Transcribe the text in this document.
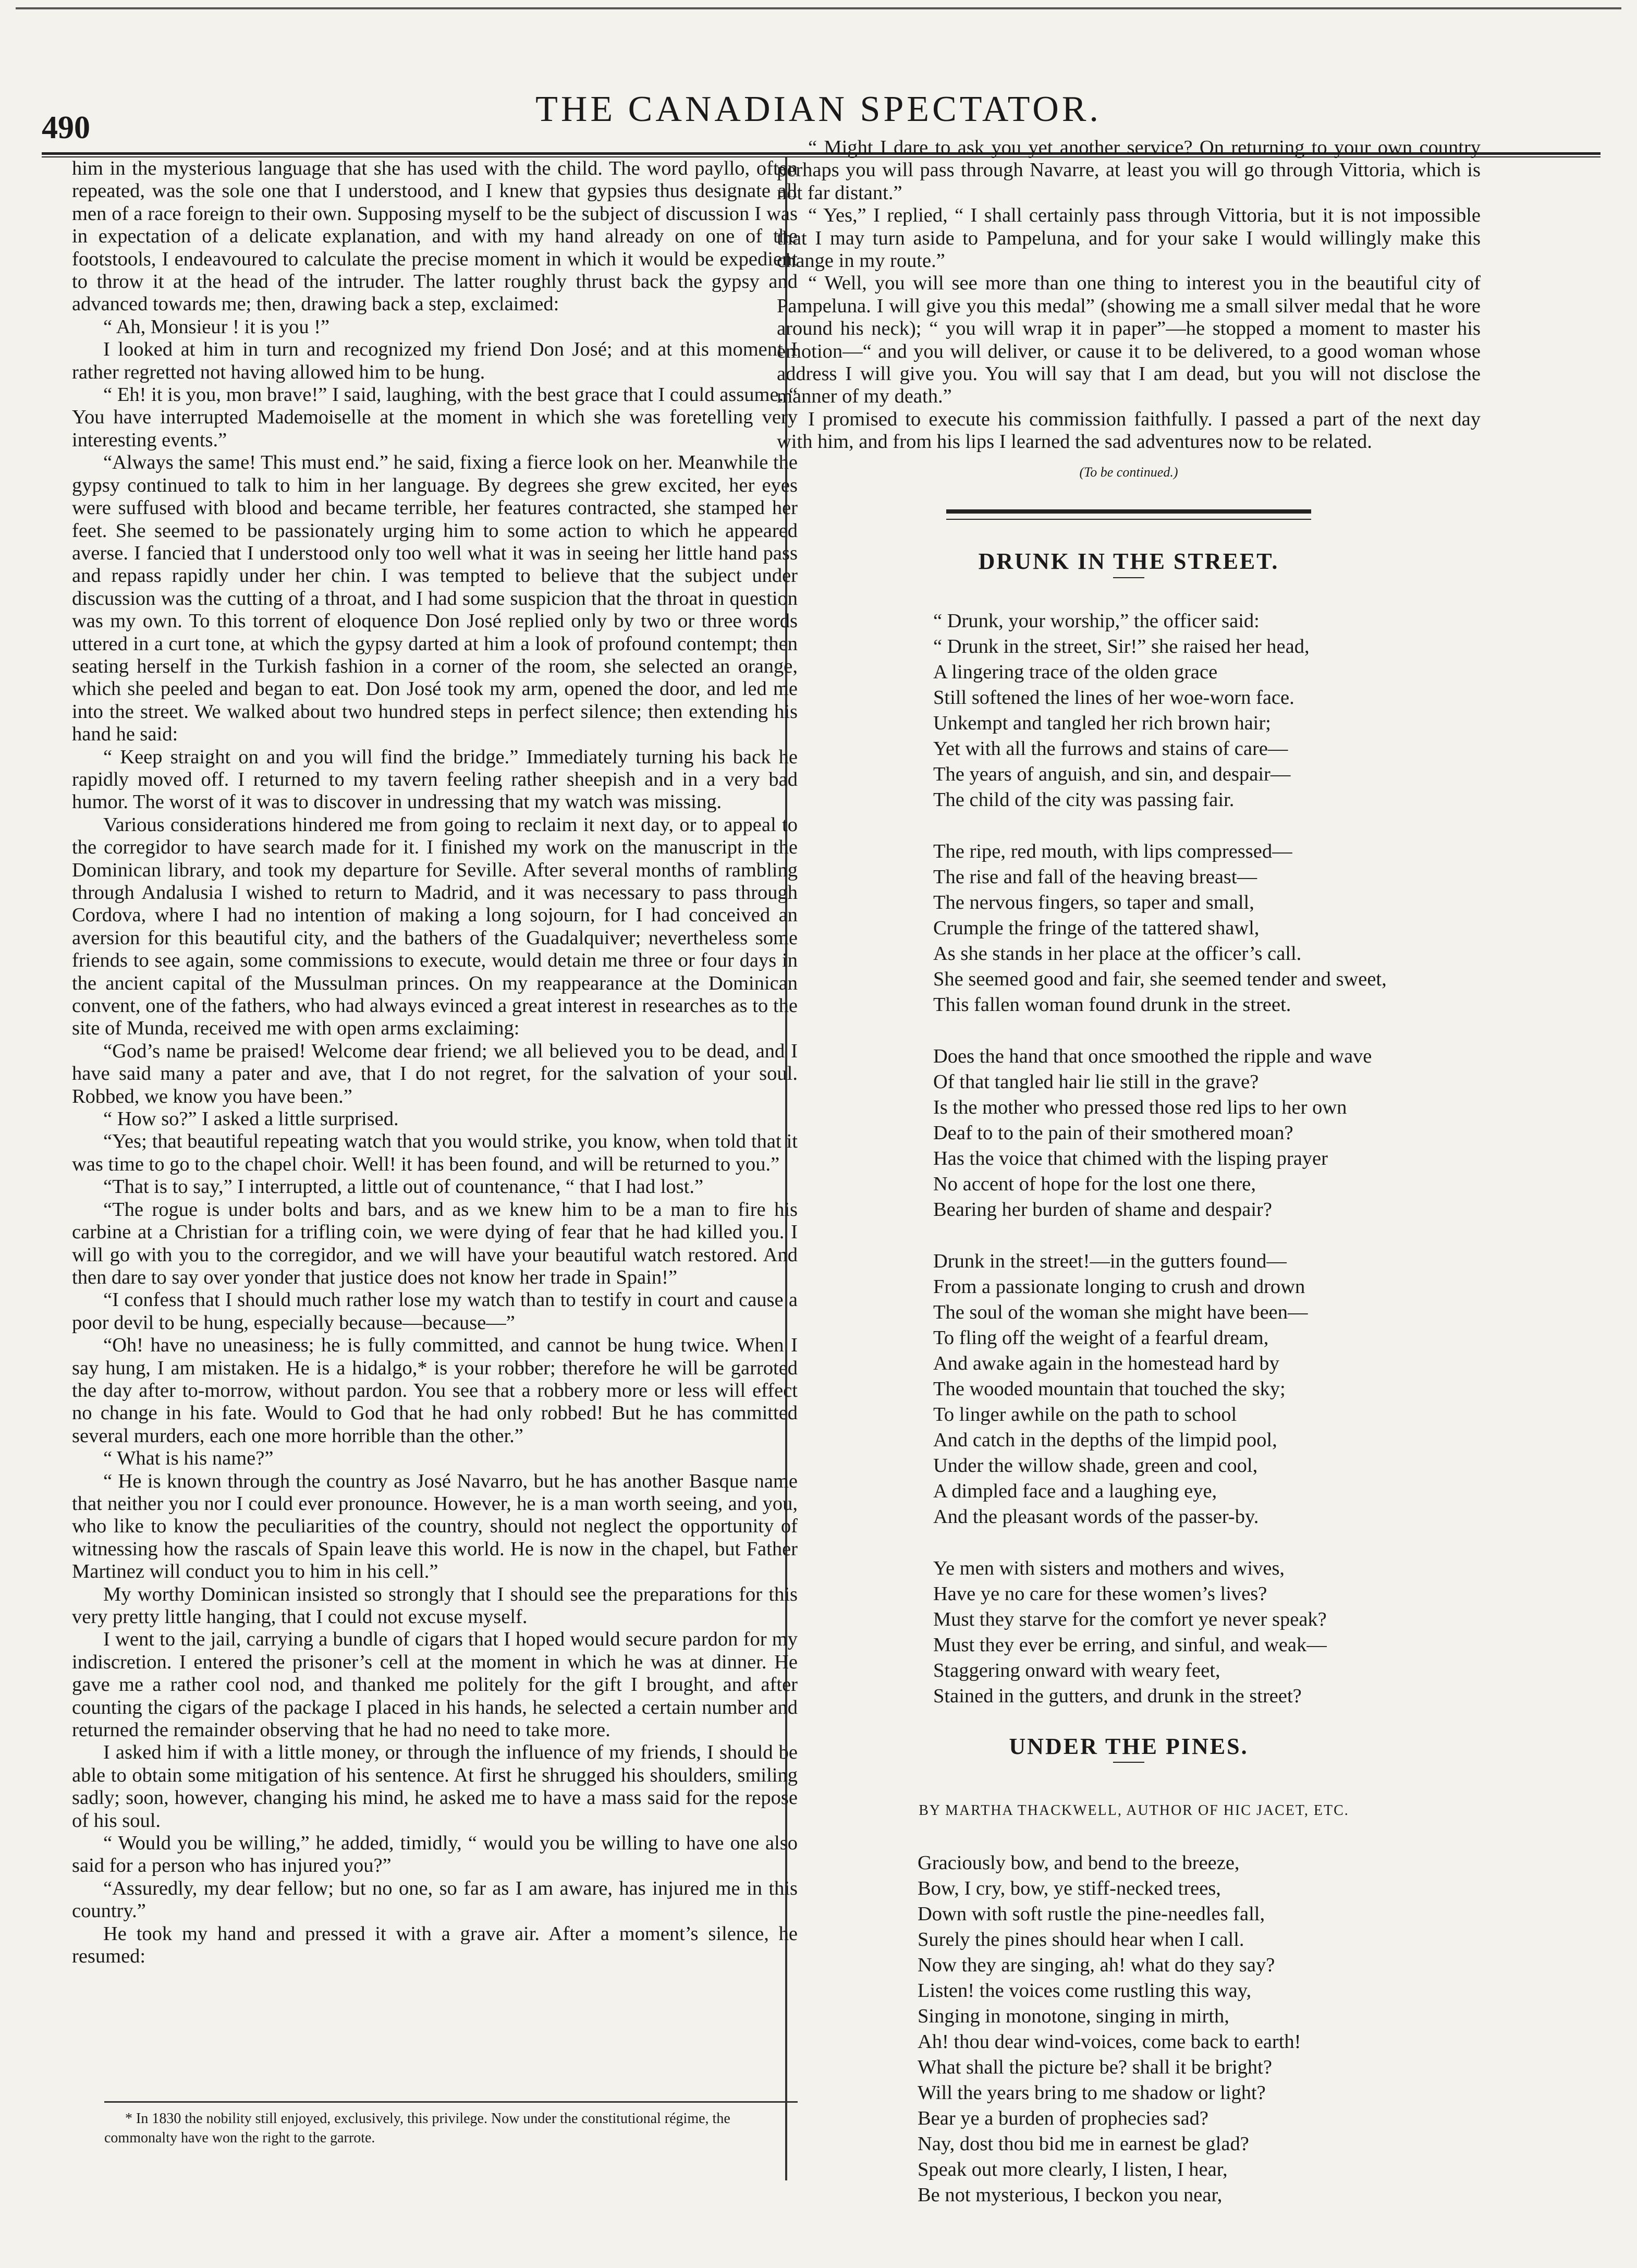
490	THE CANADIAN SPECTATOR.

him in the mysterious language that she has used with the child. The word payllo, often repeated, was the sole one that I understood, and I knew that gypsies thus designate all men of a race foreign to their own. Supposing myself to be the subject of discussion I was in expectation of a delicate explanation, and with my hand already on one of the footstools, I endeavoured to calculate the precise moment in which it would be expedient to throw it at the head of the intruder. The latter roughly thrust back the gypsy and advanced towards me; then, drawing back a step, exclaimed:

“ Ah, Monsieur ! it is you !”

I looked at him in turn and recognized my friend Don José; and at this moment I rather regretted not having allowed him to be hung.

“ Eh! it is you, mon brave!” I said, laughing, with the best grace that I could assume. “ You have interrupted Mademoiselle at the moment in which she was foretelling very interesting events.”

“Always the same! This must end.” he said, fixing a fierce look on her. Meanwhile the gypsy continued to talk to him in her language. By degrees she grew excited, her eyes were suffused with blood and became terrible, her features contracted, she stamped her feet. She seemed to be passionately urging him to some action to which he appeared averse. I fancied that I understood only too well what it was in seeing her little hand pass and repass rapidly under her chin. I was tempted to believe that the subject under discussion was the cutting of a throat, and I had some suspicion that the throat in question was my own. To this torrent of eloquence Don José replied only by two or three words uttered in a curt tone, at which the gypsy darted at him a look of profound contempt; then seating herself in the Turkish fashion in a corner of the room, she selected an orange, which she peeled and began to eat. Don José took my arm, opened the door, and led me into the street. We walked about two hundred steps in perfect silence; then extending his hand he said:

“ Keep straight on and you will find the bridge.” Immediately turning his back he rapidly moved off. I returned to my tavern feeling rather sheepish and in a very bad humor. The worst of it was to discover in undressing that my watch was missing.

Various considerations hindered me from going to reclaim it next day, or to appeal to the corregidor to have search made for it. I finished my work on the manuscript in the Dominican library, and took my departure for Seville. After several months of rambling through Andalusia I wished to return to Madrid, and it was necessary to pass through Cordova, where I had no intention of making a long sojourn, for I had conceived an aversion for this beautiful city, and the bathers of the Guadalquiver; nevertheless some friends to see again, some commissions to execute, would detain me three or four days in the ancient capital of the Mussulman princes. On my reappearance at the Dominican convent, one of the fathers, who had always evinced a great interest in researches as to the site of Munda, received me with open arms exclaiming:

“God’s name be praised! Welcome dear friend; we all believed you to be dead, and I have said many a pater and ave, that I do not regret, for the salvation of your soul. Robbed, we know you have been.”

“ How so?” I asked a little surprised.

“Yes; that beautiful repeating watch that you would strike, you know, when told that it was time to go to the chapel choir. Well! it has been found, and will be returned to you.”

“That is to say,” I interrupted, a little out of countenance, “ that I had lost.”

“The rogue is under bolts and bars, and as we knew him to be a man to fire his carbine at a Christian for a trifling coin, we were dying of fear that he had killed you. I will go with you to the corregidor, and we will have your beautiful watch restored. And then dare to say over yonder that justice does not know her trade in Spain!”

“I confess that I should much rather lose my watch than to testify in court and cause a poor devil to be hung, especially because—because—”

“Oh! have no uneasiness; he is fully committed, and cannot be hung twice. When I say hung, I am mistaken. He is a hidalgo,* is your robber; therefore he will be garroted the day after to-morrow, without pardon. You see that a robbery more or less will effect no change in his fate. Would to God that he had only robbed! But he has committed several murders, each one more horrible than the other.”

“ What is his name?”

“ He is known through the country as José Navarro, but he has another Basque name that neither you nor I could ever pronounce. However, he is a man worth seeing, and you, who like to know the peculiarities of the country, should not neglect the opportunity of witnessing how the rascals of Spain leave this world. He is now in the chapel, but Father Martinez will conduct you to him in his cell.”

My worthy Dominican insisted so strongly that I should see the preparations for this very pretty little hanging, that I could not excuse myself.

I went to the jail, carrying a bundle of cigars that I hoped would secure pardon for my indiscretion. I entered the prisoner’s cell at the moment in which he was at dinner. He gave me a rather cool nod, and thanked me politely for the gift I brought, and after counting the cigars of the package I placed in his hands, he selected a certain number and returned the remainder observing that he had no need to take more.

I asked him if with a little money, or through the influence of my friends, I should be able to obtain some mitigation of his sentence. At first he shrugged his shoulders, smiling sadly; soon, however, changing his mind, he asked me to have a mass said for the repose of his soul.

“ Would you be willing,” he added, timidly, “ would you be willing to have one also said for a person who has injured you?”

“Assuredly, my dear fellow; but no one, so far as I am aware, has injured me in this country.”

He took my hand and pressed it with a grave air. After a moment’s silence, he resumed:

* In 1830 the nobility still enjoyed, exclusively, this privilege. Now under the constitutional régime, the commonalty have won the right to the garrote.

“ Might I dare to ask you yet another service? On returning to your own country perhaps you will pass through Navarre, at least you will go through Vittoria, which is not far distant.”

“ Yes,” I replied, “ I shall certainly pass through Vittoria, but it is not impossible that I may turn aside to Pampeluna, and for your sake I would willingly make this change in my route.”

“ Well, you will see more than one thing to interest you in the beautiful city of Pampeluna. I will give you this medal” (showing me a small silver medal that he wore around his neck); “ you will wrap it in paper”—he stopped a moment to master his emotion—“ and you will deliver, or cause it to be delivered, to a good woman whose address I will give you. You will say that I am dead, but you will not disclose the manner of my death.”

I promised to execute his commission faithfully. I passed a part of the next day with him, and from his lips I learned the sad adventures now to be related.

(To be continued.)
DRUNK IN THE STREET.
“ Drunk, your worship,” the officer said:
“ Drunk in the street, Sir!” she raised her head,
A lingering trace of the olden grace
Still softened the lines of her woe-worn face.
Unkempt and tangled her rich brown hair;
Yet with all the furrows and stains of care—
The years of anguish, and sin, and despair—
The child of the city was passing fair.
The ripe, red mouth, with lips compressed—
The rise and fall of the heaving breast—
The nervous fingers, so taper and small,
Crumple the fringe of the tattered shawl,
As she stands in her place at the officer’s call.
She seemed good and fair, she seemed tender and sweet,
This fallen woman found drunk in the street.
Does the hand that once smoothed the ripple and wave
Of that tangled hair lie still in the grave?
Is the mother who pressed those red lips to her own
Deaf to to the pain of their smothered moan?
Has the voice that chimed with the lisping prayer
No accent of hope for the lost one there,
Bearing her burden of shame and despair?
Drunk in the street!—in the gutters found—
From a passionate longing to crush and drown
The soul of the woman she might have been—
To fling off the weight of a fearful dream,
And awake again in the homestead hard by
The wooded mountain that touched the sky;
To linger awhile on the path to school
And catch in the depths of the limpid pool,
Under the willow shade, green and cool,
A dimpled face and a laughing eye,
And the pleasant words of the passer-by.
Ye men with sisters and mothers and wives,
Have ye no care for these women’s lives?
Must they starve for the comfort ye never speak?
Must they ever be erring, and sinful, and weak—
Staggering onward with weary feet,
Stained in the gutters, and drunk in the street?
UNDER THE PINES.
BY MARTHA THACKWELL, AUTHOR OF HIC JACET, ETC.
Graciously bow, and bend to the breeze,
Bow, I cry, bow, ye stiff-necked trees,
Down with soft rustle the pine-needles fall,
Surely the pines should hear when I call.
Now they are singing, ah! what do they say?
Listen! the voices come rustling this way,
Singing in monotone, singing in mirth,
Ah! thou dear wind-voices, come back to earth!
What shall the picture be? shall it be bright?
Will the years bring to me shadow or light?
Bear ye a burden of prophecies sad?
Nay, dost thou bid me in earnest be glad?
Speak out more clearly, I listen, I hear,
Be not mysterious, I beckon you near,
